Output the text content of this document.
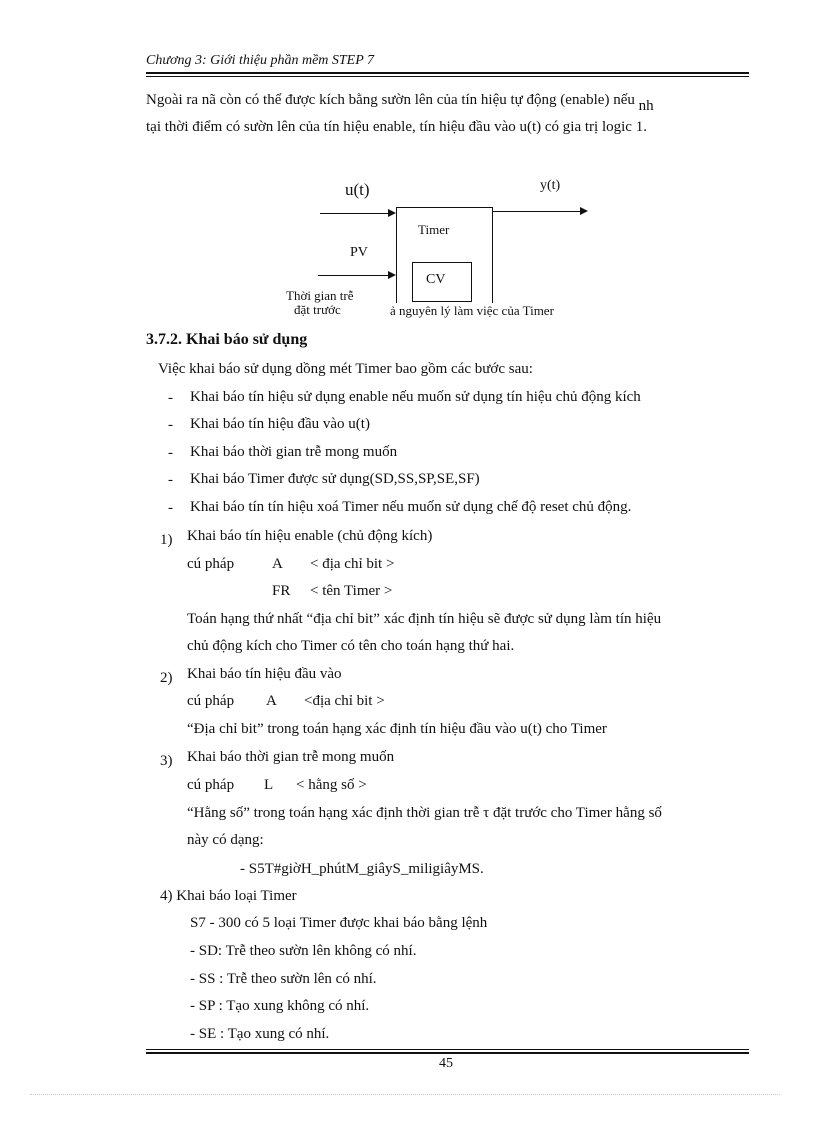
Chương 3: Giới thiệu phần mềm STEP 7
Ngoài ra nã còn có thể được kích bằng sườn lên của tín hiệu tự động (enable) nếu nh
tại thời điểm có sườn lên của tín hiệu enable, tín hiệu đầu vào u(t) có gia trị logic 1.
u(t)	y(t)
PV
Timer
CV
Thời gian trễ
đặt trước	ả nguyên lý làm việc của Timer
3.7.2. Khai báo sử dụng
Việc khai báo sử dụng dồng mét Timer bao gồm các bước sau:
- Khai báo tín hiệu sử dụng enable nếu muốn sử dụng tín hiệu chủ động kích
- Khai báo tín hiệu đầu vào u(t)
- Khai báo thời gian trễ mong muốn
- Khai báo Timer được sử dụng(SD,SS,SP,SE,SF)
- Khai báo tín tín hiệu xoá Timer nếu muốn sử dụng chế độ reset chủ động.
1) Khai báo tín hiệu enable (chủ động kích)
cú pháp	A < địa chỉ bit >
FR < tên Timer >
Toán hạng thứ nhất “địa chỉ bit” xác định tín hiệu sẽ được sử dụng làm tín hiệu
chủ động kích cho Timer có tên cho toán hạng thứ hai.
2) Khai báo tín hiệu đầu vào
cú pháp A <địa chỉ bit >
“Địa chỉ bit” trong toán hạng xác định tín hiệu đầu vào u(t) cho Timer
3) Khai báo thời gian trễ mong muốn
cú pháp L < hằng số >
“Hằng số” trong toán hạng xác định thời gian trễ τ đặt trước cho Timer hằng số
này có dạng:
- S5T#giờH_phútM_giâyS_miligiâyMS.
4) Khai báo loại Timer
S7 - 300 có 5 loại Timer được khai báo bằng lệnh
- SD: Trễ theo sườn lên không có nhí.
- SS : Trễ theo sườn lên có nhí.
- SP : Tạo xung không có nhí.
- SE : Tạo xung có nhí.
45
